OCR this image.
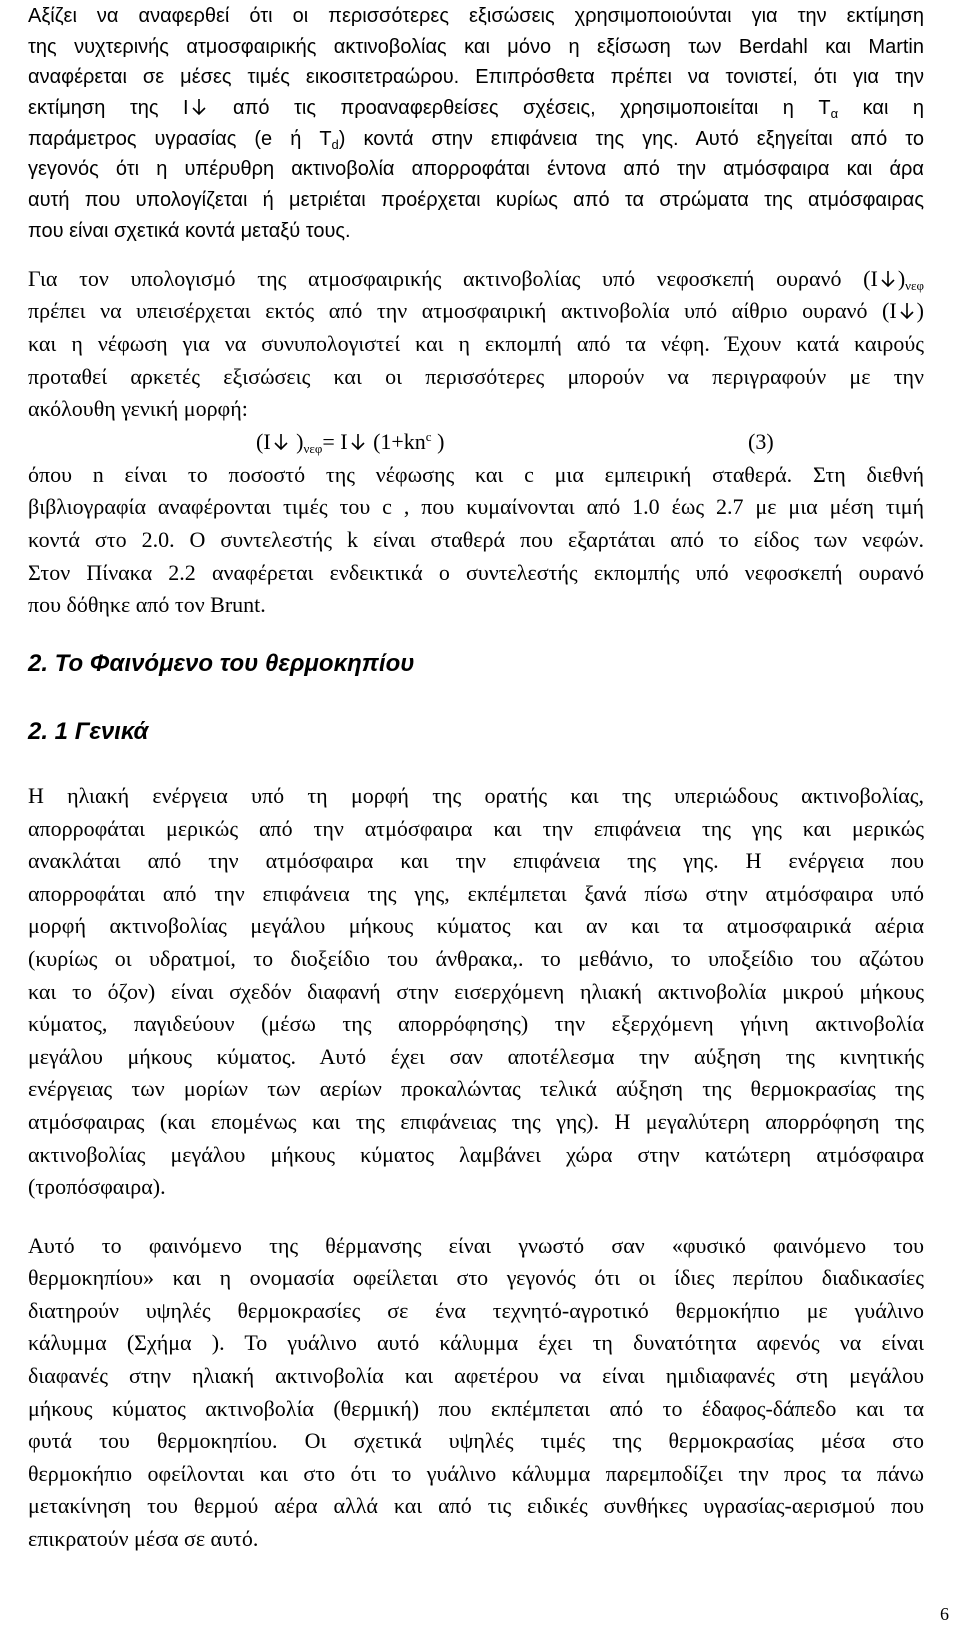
Αξίζει να αναφερθεί ότι οι περισσότερες εξισώσεις χρησιμοποιούνται για την εκτίμηση
της νυχτερινής ατμοσφαιρικής ακτινοβολίας και μόνο η εξίσωση των Berdahl και Martin
αναφέρεται σε μέσες τιμές εικοσιτετραώρου. Επιπρόσθετα πρέπει να τονιστεί, ότι για την
εκτίμηση της I από τις προαναφερθείσες σχέσεις, χρησιμοποιείται η $T_\alpha$ και η
παράμετρος υγρασίας (e ή $T_d$) κοντά στην επιφάνεια της γης. Αυτό εξηγείται από το
γεγονός ότι η υπέρυθρη ακτινοβολία απορροφάται έντονα από την ατμόσφαιρα και άρα
αυτή που υπολογίζεται ή μετριέται προέρχεται κυρίως από τα στρώματα της ατμόσφαιρας
που είναι σχετικά κοντά μεταξύ τους.
Για τον υπολογισμό της ατμοσφαιρικής ακτινοβολίας υπό νεφοσκεπή ουρανό (I )$_{\nu\varepsilon\varphi}$
πρέπει να υπεισέρχεται εκτός από την ατμοσφαιρική ακτινοβολία υπό αίθριο ουρανό (I )
και η νέφωση για να συνυπολογιστεί και η εκπομπή από τα νέφη. Έχουν κατά καιρούς
προταθεί αρκετές εξισώσεις και οι περισσότερες μπορούν να περιγραφούν με την
ακόλουθη γενική μορφή:
(I )$_{\nu\varepsilon\varphi}= I$ ($1+kn^c$ )	(3)
όπου n είναι το ποσοστό της νέφωσης και c μια εμπειρική σταθερά. Στη διεθνή
βιβλιογραφία αναφέρονται τιμές του c , που κυμαίνονται από 1.0 έως 2.7 με μια μέση τιμή
κοντά στο 2.0. Ο συντελεστής k είναι σταθερά που εξαρτάται από το είδος των νεφών.
Στον Πίνακα 2.2 αναφέρεται ενδεικτικά ο συντελεστής εκπομπής υπό νεφοσκεπή ουρανό
που δόθηκε από τον Brunt.
2. Το Φαινόμενο του θερμοκηπίου
2. 1 Γενικά
Η ηλιακή ενέργεια υπό τη μορφή της ορατής και της υπεριώδους ακτινοβολίας,
απορροφάται μερικώς από την ατμόσφαιρα και την επιφάνεια της γης και μερικώς
ανακλάται από την ατμόσφαιρα και την επιφάνεια της γης. Η ενέργεια που
απορροφάται από την επιφάνεια της γης, εκπέμπεται ξανά πίσω στην ατμόσφαιρα υπό
μορφή ακτινοβολίας μεγάλου μήκους κύματος και αν και τα ατμοσφαιρικά αέρια
(κυρίως οι υδρατμοί, το διοξείδιο του άνθρακα,. το μεθάνιο, το υποξείδιο του αζώτου
και το όζον) είναι σχεδόν διαφανή στην εισερχόμενη ηλιακή ακτινοβολία μικρού μήκους
κύματος, παγιδεύουν (μέσω της απορρόφησης) την εξερχόμενη γήινη ακτινοβολία
μεγάλου μήκους κύματος. Αυτό έχει σαν αποτέλεσμα την αύξηση της κινητικής
ενέργειας των μορίων των αερίων προκαλώντας τελικά αύξηση της θερμοκρασίας της
ατμόσφαιρας (και επομένως και της επιφάνειας της γης). Η μεγαλύτερη απορρόφηση της
ακτινοβολίας μεγάλου μήκους κύματος λαμβάνει χώρα στην κατώτερη ατμόσφαιρα
(τροπόσφαιρα).
Αυτό το φαινόμενο της θέρμανσης είναι γνωστό σαν «φυσικό φαινόμενο του
θερμοκηπίου» και η ονομασία οφείλεται στο γεγονός ότι οι ίδιες περίπου διαδικασίες
διατηρούν υψηλές θερμοκρασίες σε ένα τεχνητό-αγροτικό θερμοκήπιο με γυάλινο
κάλυμμα (Σχήμα ). Το γυάλινο αυτό κάλυμμα έχει τη δυνατότητα αφενός να είναι
διαφανές στην ηλιακή ακτινοβολία και αφετέρου να είναι ημιδιαφανές στη μεγάλου
μήκους κύματος ακτινοβολία (θερμική) που εκπέμπεται από το έδαφος-δάπεδο και τα
φυτά του θερμοκηπίου. Οι σχετικά υψηλές τιμές της θερμοκρασίας μέσα στο
θερμοκήπιο οφείλονται και στο ότι το γυάλινο κάλυμμα παρεμποδίζει την προς τα πάνω
μετακίνηση του θερμού αέρα αλλά και από τις ειδικές συνθήκες υγρασίας-αερισμού που
επικρατούν μέσα σε αυτό.
6
